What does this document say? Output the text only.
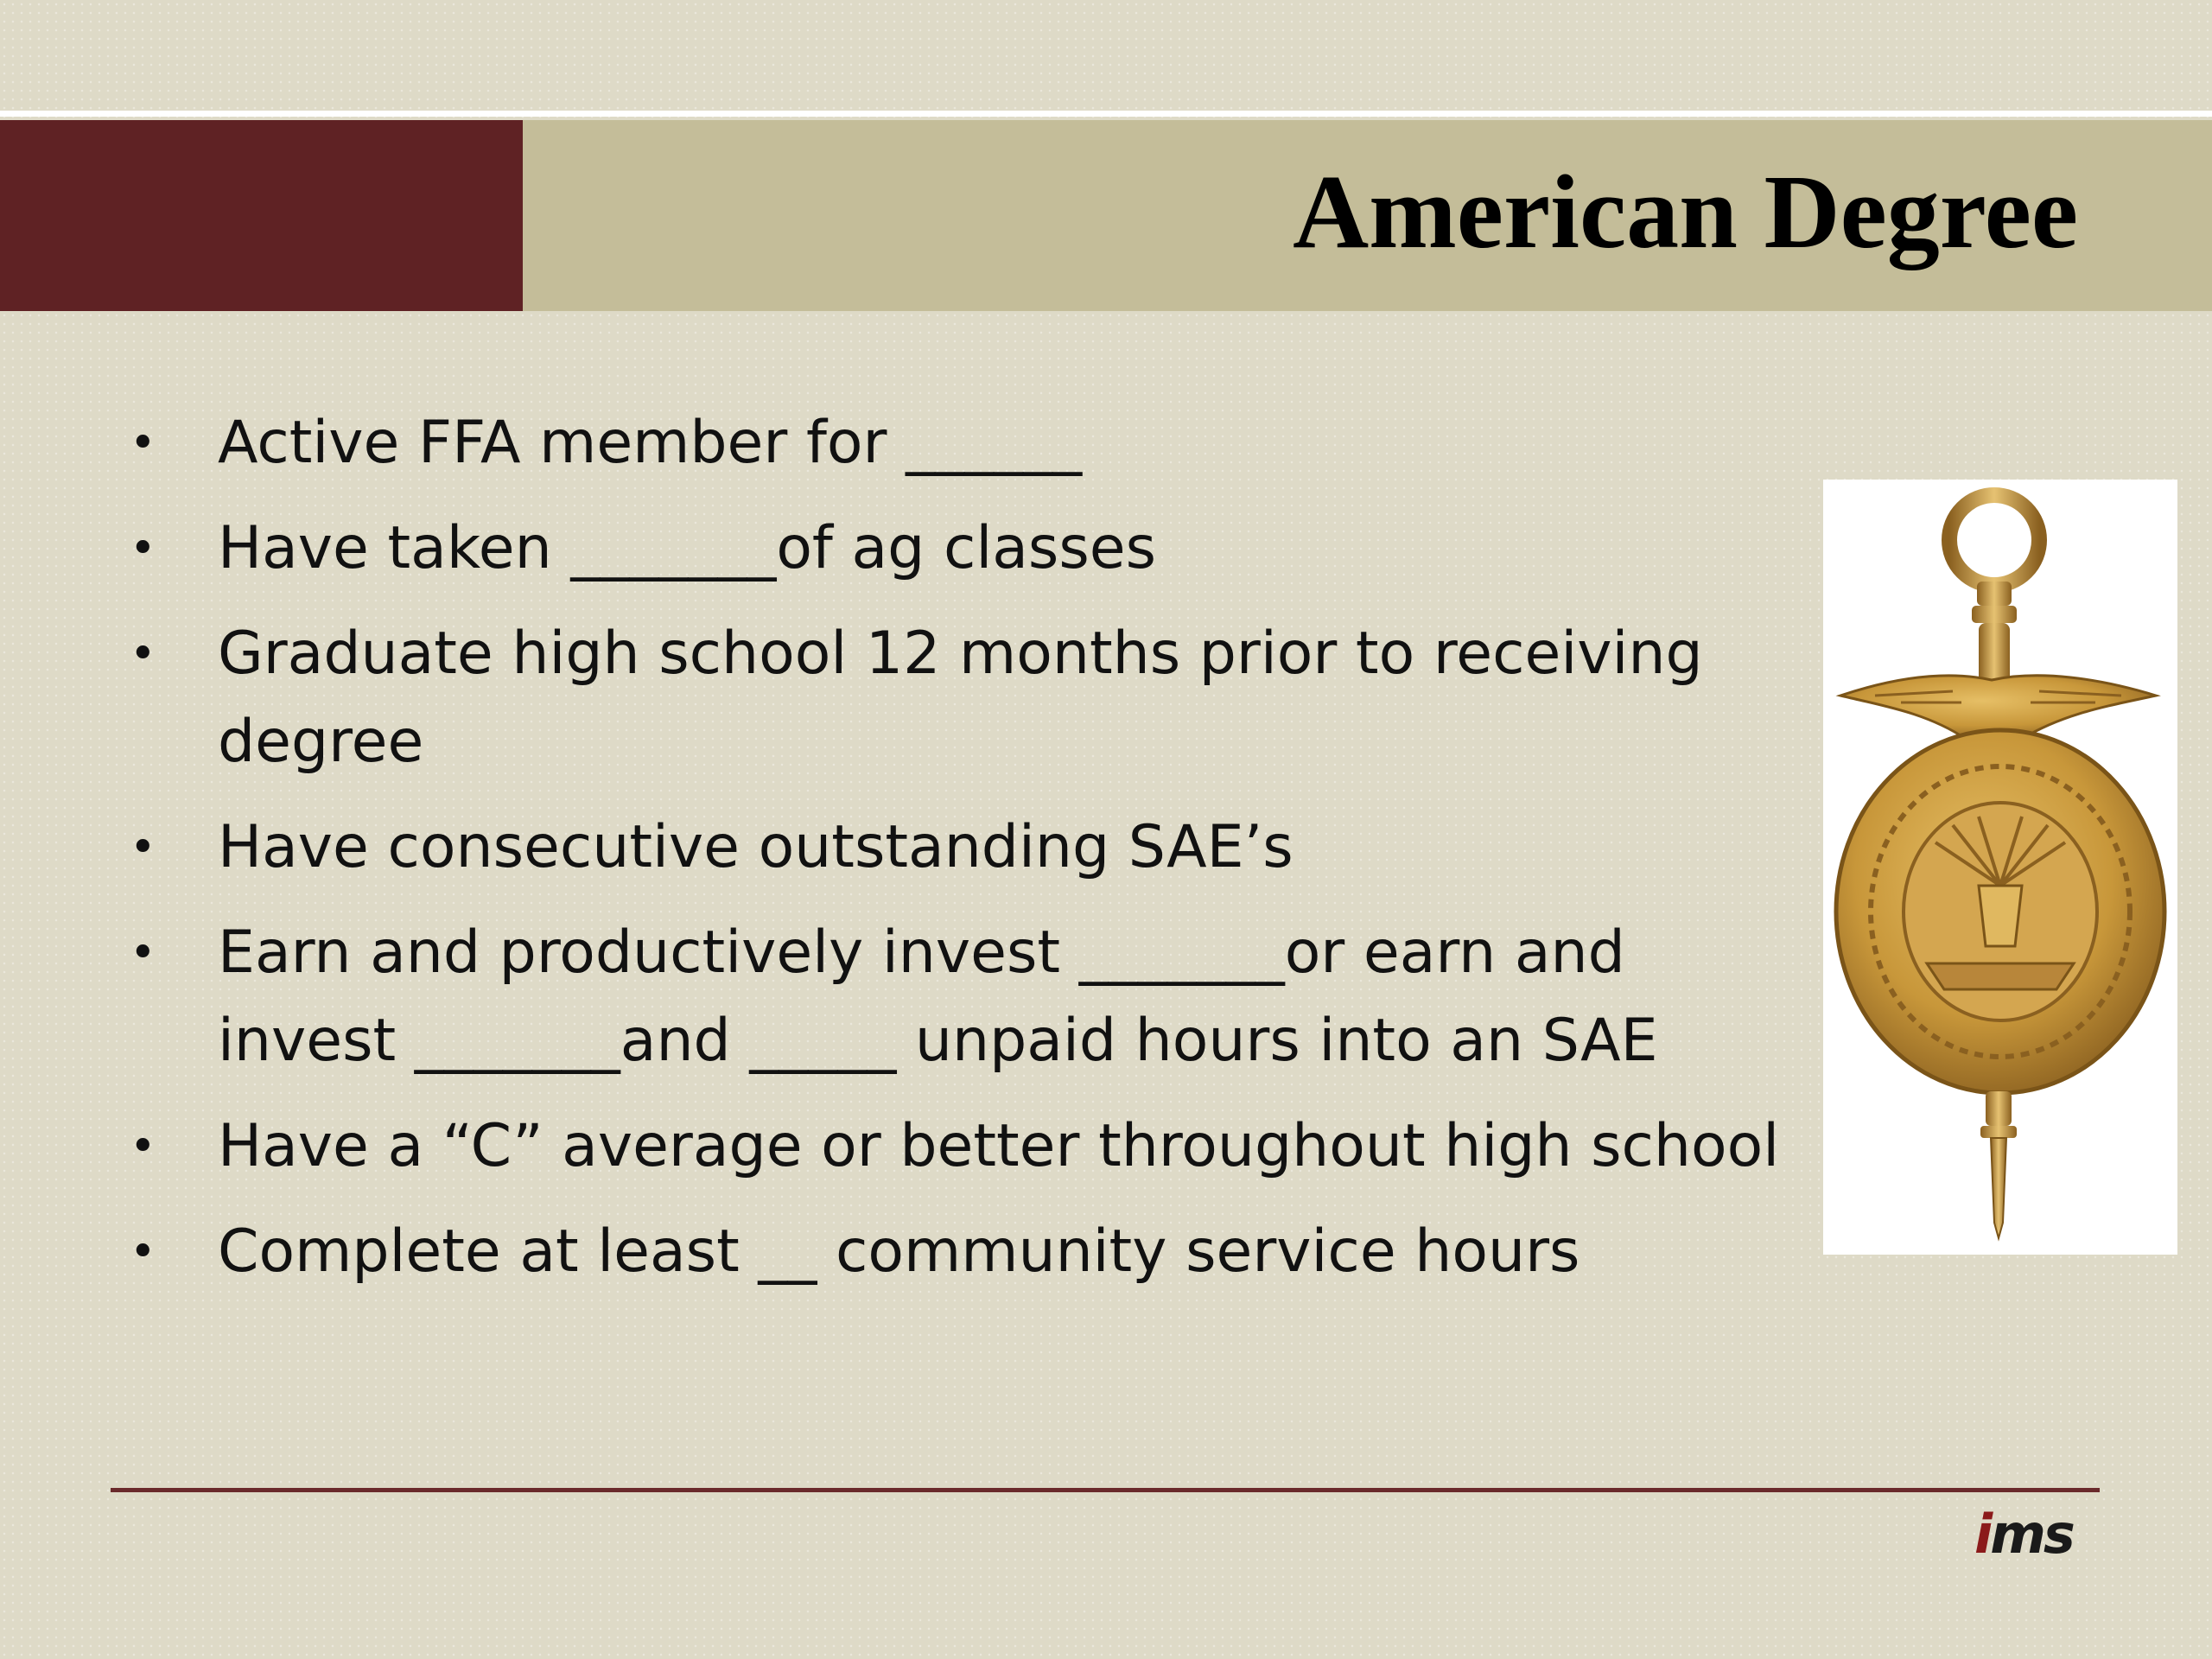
American Degree
• Active FFA member for ______
• Have taken _______of ag classes
• Graduate high school 12 months prior to receiving degree
• Have consecutive outstanding SAE’s
• Earn and productively invest _______or earn and invest _______and _____ unpaid hours into an SAE
• Have a “C” average or better throughout high school
• Complete at least __ community service hours
ims
